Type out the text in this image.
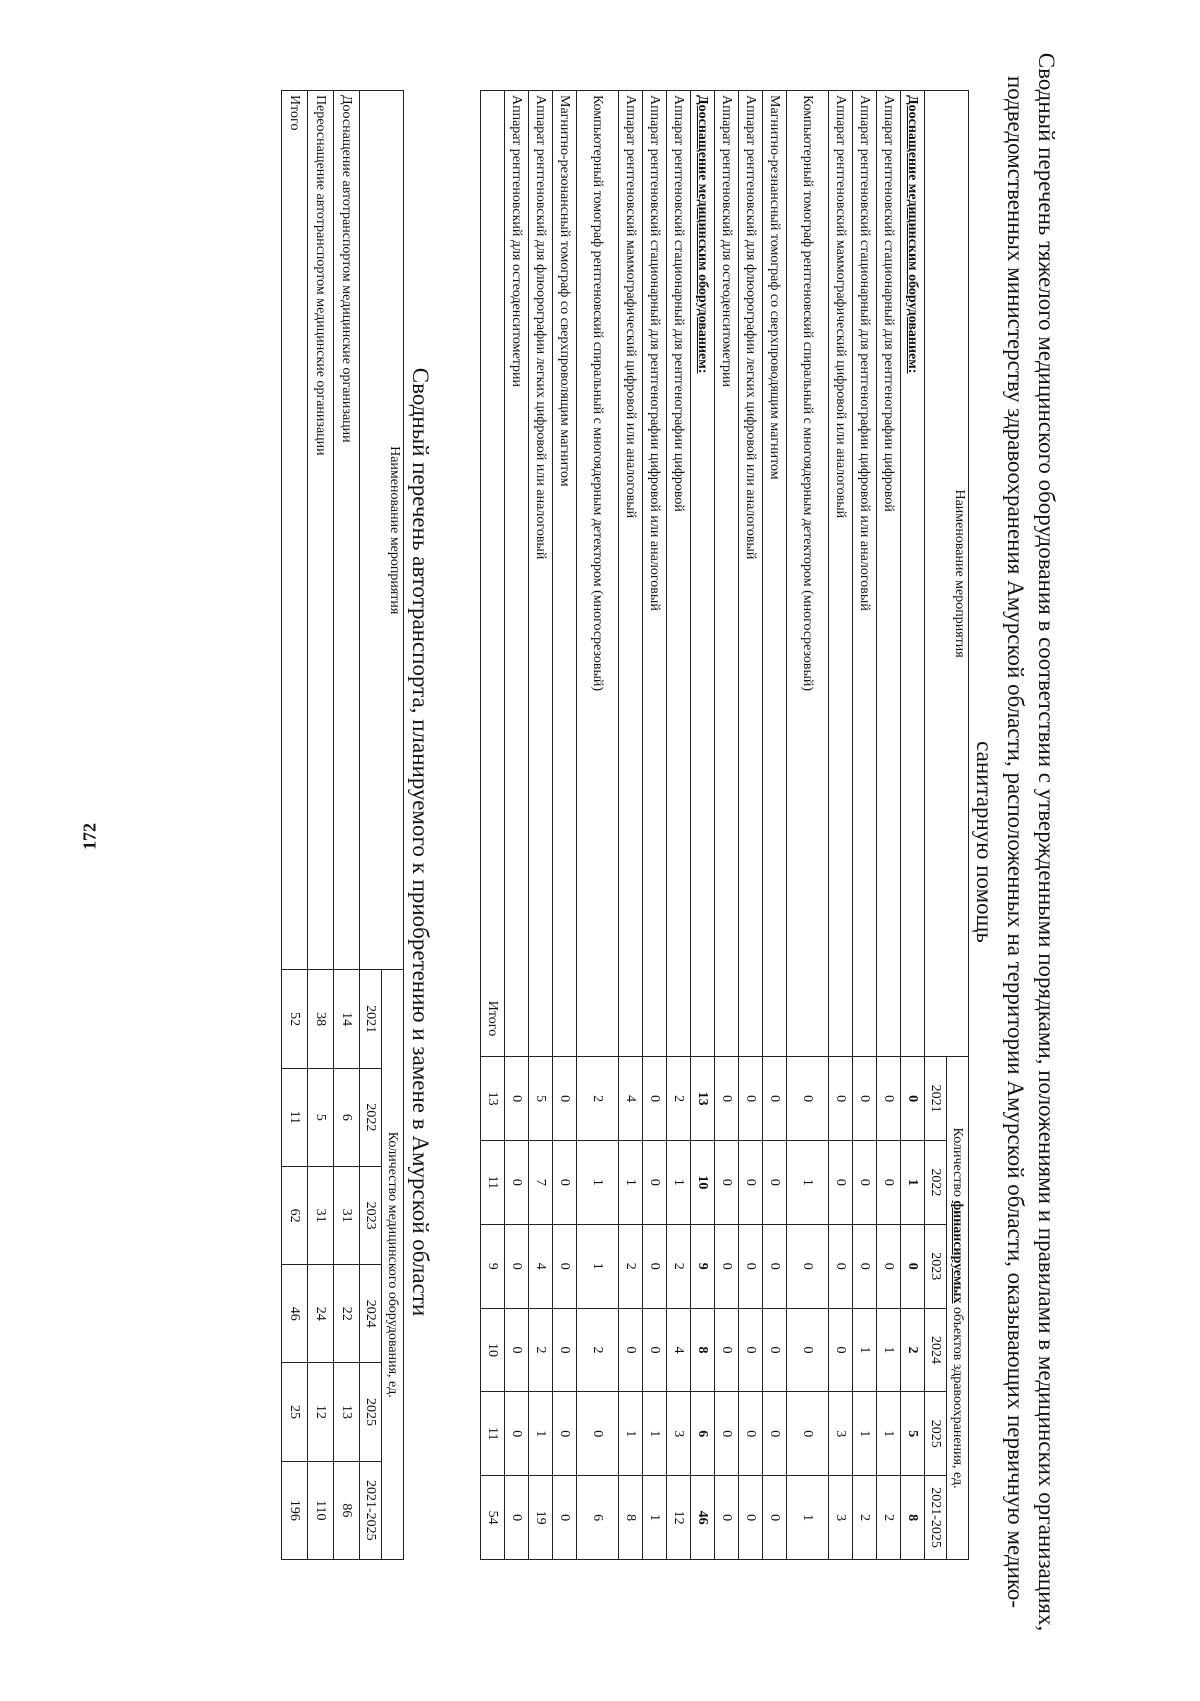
172	Сводный перечень тяжелого медицинского оборудования в соответствии с утвержденными порядками, положениями и правилами в медицинских организациях, подведомственных министерству здравоохранения Амурской области, расположенных на территории Амурской области, оказывающих первичную медико-санитарную помощь

Наименование мероприятия	Количество финансируемых объектов здравоохранения, ед.					
	2021	2022	2023	2024	2025	2021-2025
Дооснащение медицинским оборудованием:	0	1	0	2	5	8
Аппарат рентгеновский стационарный для рентгенографии цифровой	0	0	0	1	1	2
Аппарат рентгеновский стационарный для рентгенографии цифровой или аналоговый	0	0	0	1	1	2
Аппарат рентгеновский маммографический цифровой или аналоговый	0	0	0	0	3	3
Компьютерный томограф рентгеновский спиральный с многоядерным детектором (многосрезовый)	0	1	0	0	0	1
Магнитно-резнансный томограф со сверхпроводящим магнитом	0	0	0	0	0	0
Аппарат рентгеновский для флюорографии легких цифровой или аналоговый	0	0	0	0	0	0
Аппарат рентгеновский для остеоденситометрии	0	0	0	0	0	0
Дооснащение медицинским оборудованием:	13	10	9	8	6	46
Аппарат рентгеновский стационарный для рентгенографии цифровой	2	1	2	4	3	12
Аппарат рентгеновский стационарный для рентгенографии цифровой или аналоговый	0	0	0	0	1	1
Аппарат рентгеновский маммографический цифровой или аналоговый	4	1	2	0	1	8
Компьютерный томограф рентгеновский спиральный с многоядерным детектором (многосрезовый)	2	1	1	2	0	6
Магнитно-резонансный томограф со сверхпроволящим магнитом	0	0	0	0	0	0
Аппарат рентгеновский для флюорографии легких цифровой или аналоговый	5	7	4	2	1	19
Аппарат рентгеновский для остеоденситометрии	0	0	0	0	0	0
Итого	13	11	9	10	11	54

Сводный перечень автотранспорта, планируемого к приобретению и замене в Амурской области

Наименование мероприятия	Количество медицинского оборудования, ед.					
	2021	2022	2023	2024	2025	2021-2025
Дооснащение автотранспортом медицинские организации	14	6	31	22	13	86
Переоснащение автотранспортом медицинские организации	38	5	31	24	12	110
Итого	52	11	62	46	25	196
